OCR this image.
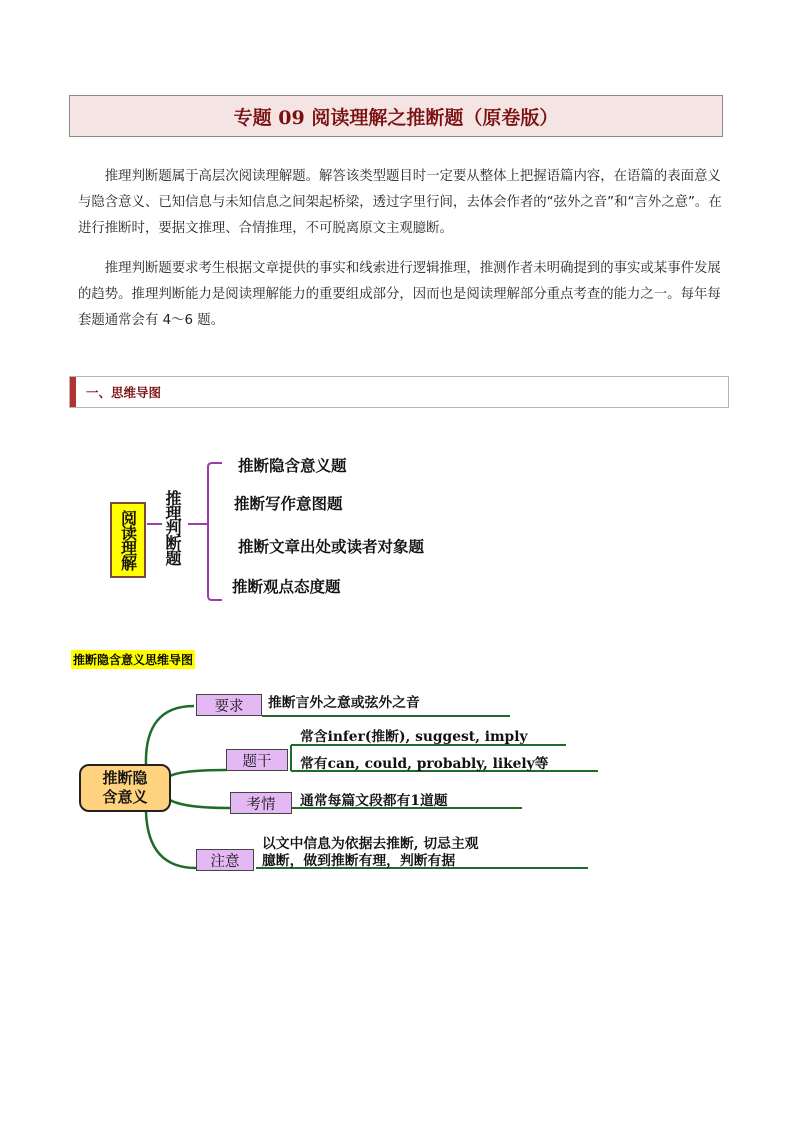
专题 09 阅读理解之推断题（原卷版）

推理判断题属于高层次阅读理解题。解答该类型题目时一定要从整体上把握语篇内容，在语篇的表面意义与隐含意义、已知信息与未知信息之间架起桥梁，透过字里行间，去体会作者的“弦外之音”和“言外之意”。在进行推断时，要据文推理、合情推理，不可脱离原文主观臆断。

推理判断题要求考生根据文章提供的事实和线索进行逻辑推理，推测作者未明确提到的事实或某事件发展的趋势。推理判断能力是阅读理解能力的重要组成部分，因而也是阅读理解部分重点考查的能力之一。每年每套题通常会有 4～6 题。

一、思维导图
阅读理解	推理判断题
推断隐含意义题
推断写作意图题
推断文章出处或读者对象题
推断观点态度题
推断隐含意义思维导图
推断隐
含意义
要求	推断言外之意或弦外之音
题干
常含infer(推断), suggest, imply
常有can, could, probably, likely等
考情	通常每篇文段都有1道题
注意
以文中信息为依据去推断, 切忌主观
臆断，做到推断有理，判断有据
